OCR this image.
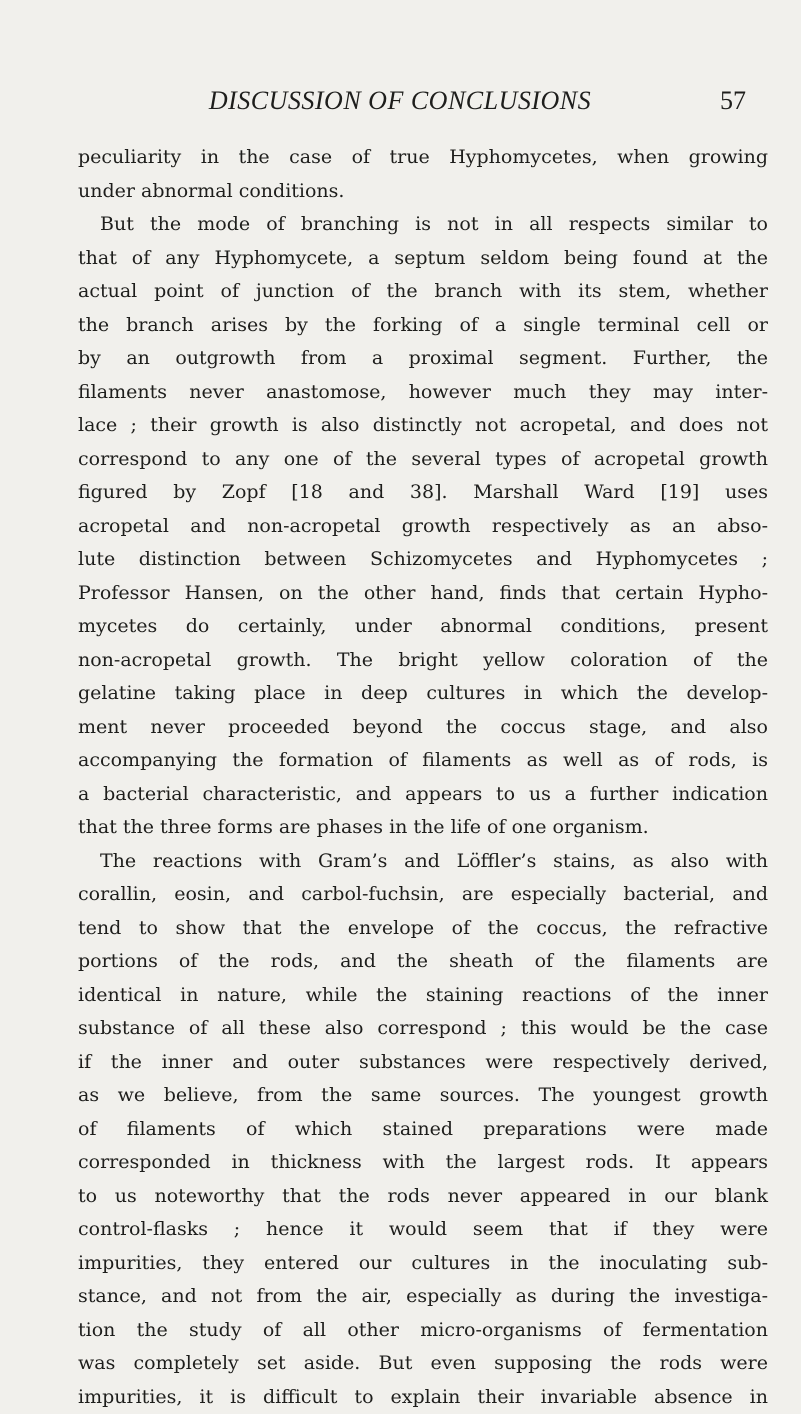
DISCUSSION OF CONCLUSIONS	57
peculiarity in the case of true Hyphomycetes, when growing
under abnormal conditions.
But the mode of branching is not in all respects similar to
that of any Hyphomycete, a septum seldom being found at the
actual point of junction of the branch with its stem, whether
the branch arises by the forking of a single terminal cell or
by an outgrowth from a proximal segment. Further, the
filaments never anastomose, however much they may inter-
lace ; their growth is also distinctly not acropetal, and does not
correspond to any one of the several types of acropetal growth
figured by Zopf [18 and 38]. Marshall Ward [19] uses
acropetal and non-acropetal growth respectively as an abso-
lute distinction between Schizomycetes and Hyphomycetes ;
Professor Hansen, on the other hand, finds that certain Hypho-
mycetes do certainly, under abnormal conditions, present
non-acropetal growth. The bright yellow coloration of the
gelatine taking place in deep cultures in which the develop-
ment never proceeded beyond the coccus stage, and also
accompanying the formation of filaments as well as of rods, is
a bacterial characteristic, and appears to us a further indication
that the three forms are phases in the life of one organism.
The reactions with Gram’s and Löffler’s stains, as also with
corallin, eosin, and carbol-fuchsin, are especially bacterial, and
tend to show that the envelope of the coccus, the refractive
portions of the rods, and the sheath of the filaments are
identical in nature, while the staining reactions of the inner
substance of all these also correspond ; this would be the case
if the inner and outer substances were respectively derived,
as we believe, from the same sources. The youngest growth
of filaments of which stained preparations were made
corresponded in thickness with the largest rods. It appears
to us noteworthy that the rods never appeared in our blank
control-flasks ; hence it would seem that if they were
impurities, they entered our cultures in the inoculating sub-
stance, and not from the air, especially as during the investiga-
tion the study of all other micro-organisms of fermentation
was completely set aside. But even supposing the rods were
impurities, it is difficult to explain their invariable absence in
